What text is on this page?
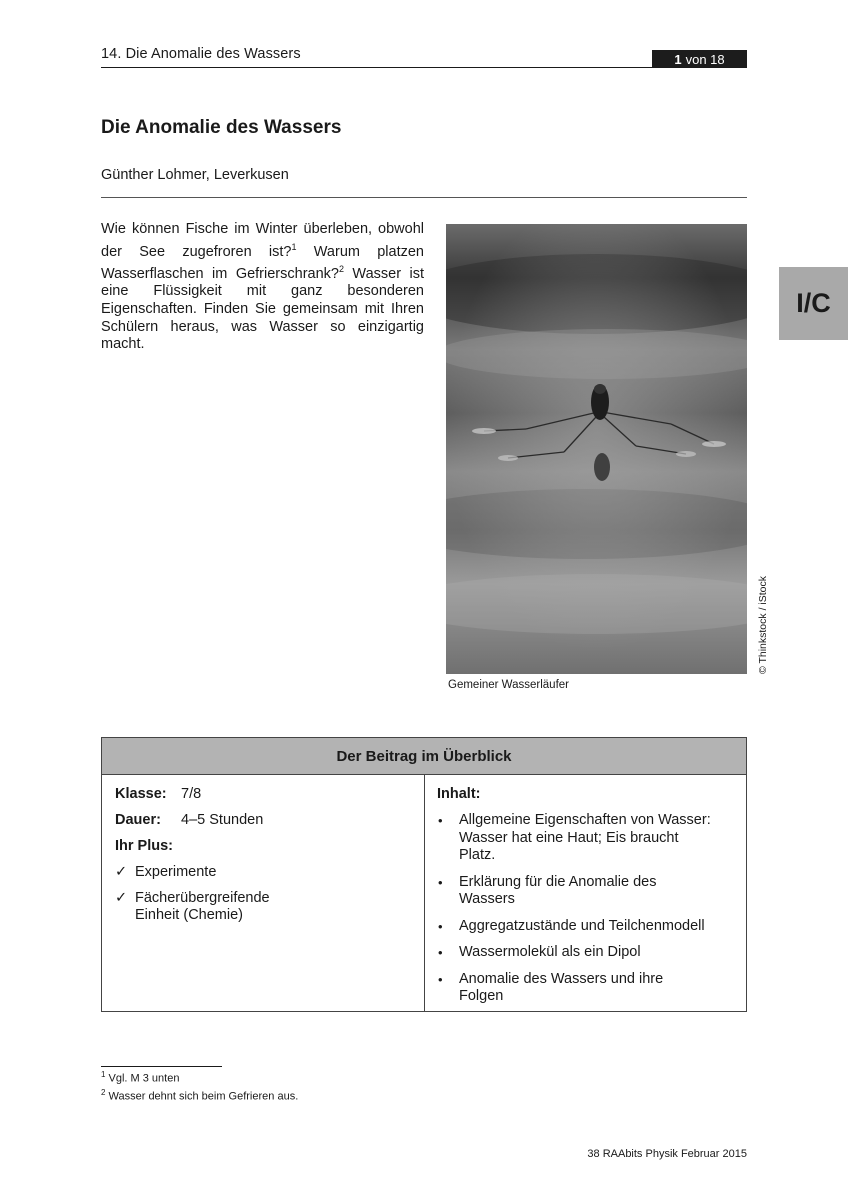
14. Die Anomalie des Wassers	1 von 18
I/C
Die Anomalie des Wassers
Günther Lohmer, Leverkusen

Wie können Fische im Winter überleben, obwohl der See zugefroren ist?$^1$ Warum platzen Wasserflaschen im Gefrierschrank?$^2$ Wasser ist eine Flüssigkeit mit ganz besonderen Eigenschaften. Finden Sie gemeinsam mit Ihren Schülern heraus, was Wasser so einzigartig macht.

Gemeiner Wasserläufer
© Thinkstock / iStock
Der Beitrag im Überblick
Klasse: 7/8
Dauer: 4–5 Stunden
Ihr Plus:
✓ Experimente
✓ Fächerübergreifende Einheit (Chemie)
Inhalt:
•	Allgemeine Eigenschaften von Wasser: Wasser hat eine Haut; Eis braucht Platz.
•	Erklärung für die Anomalie des Wassers
•	Aggregatzustände und Teilchenmodell
•	Wassermolekül als ein Dipol
•	Anomalie des Wassers und ihre Folgen
$^1$ Vgl. M 3 unten
$^2$ Wasser dehnt sich beim Gefrieren aus.
38 RAAbits Physik Februar 2015
